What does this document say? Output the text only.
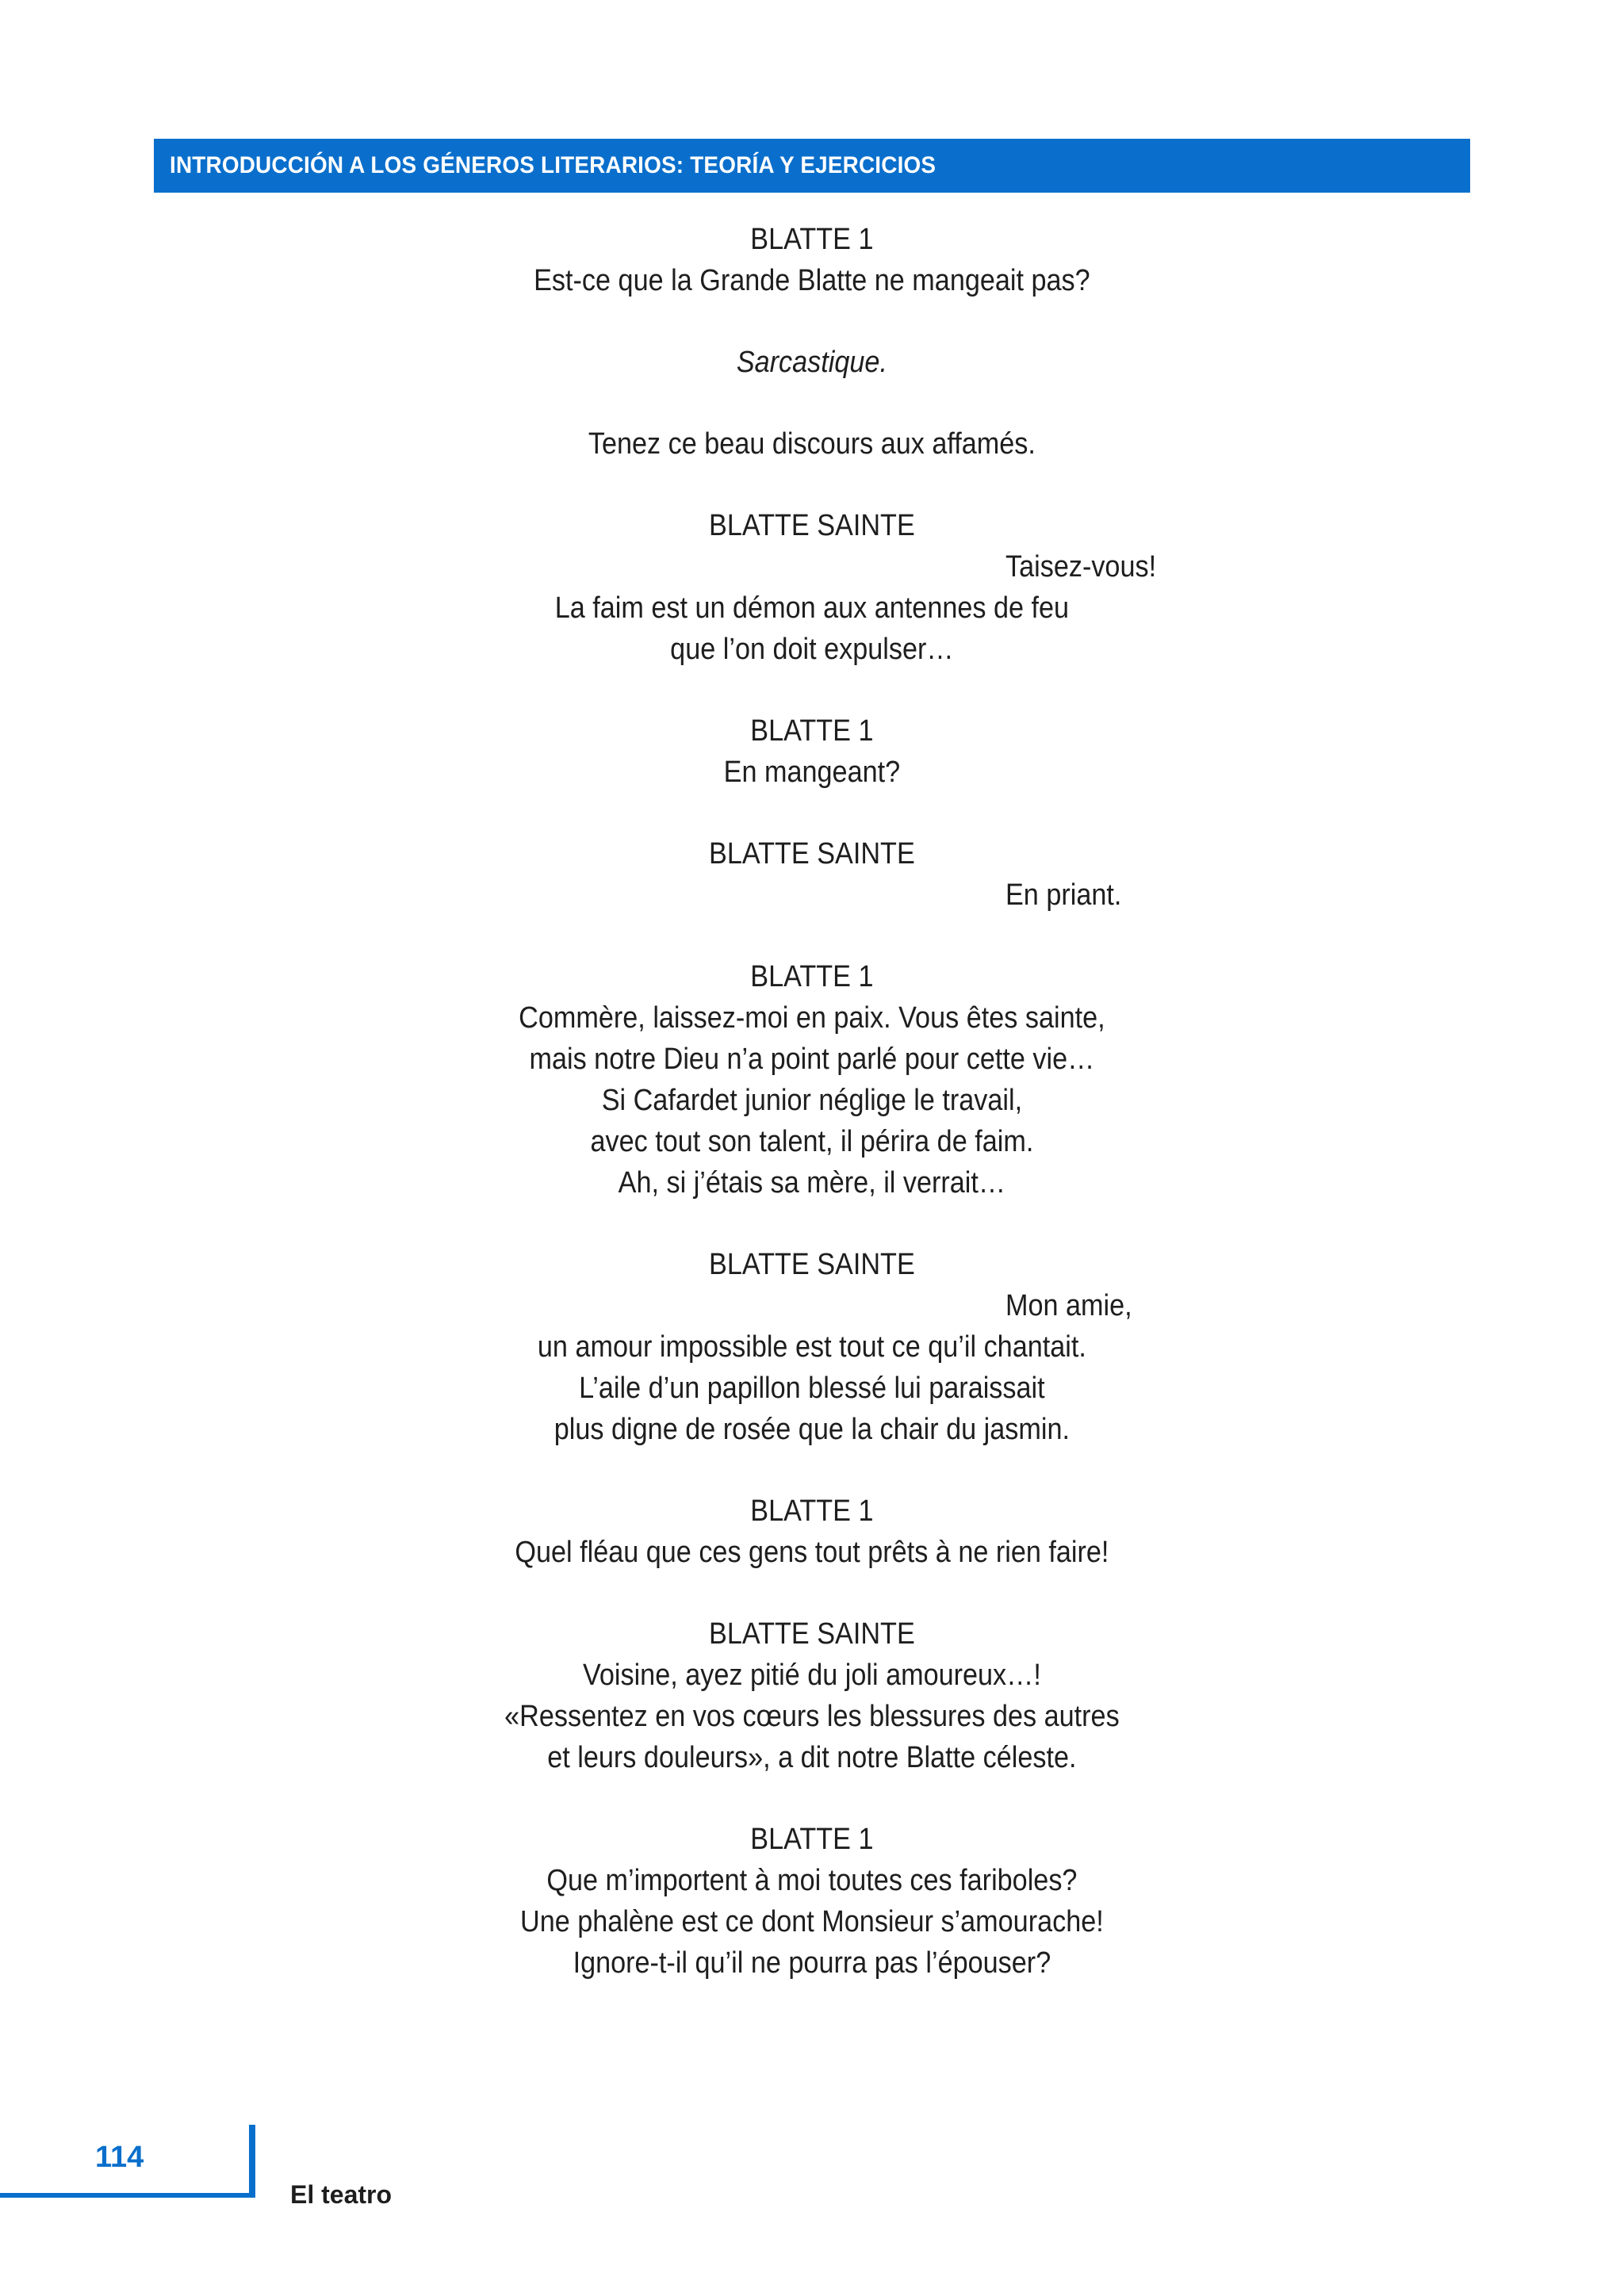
INTRODUCCIÓN A LOS GÉNEROS LITERARIOS: TEORÍA Y EJERCICIOS
BLATTE 1
Est-ce que la Grande Blatte ne mangeait pas?
Sarcastique.
Tenez ce beau discours aux affamés.
BLATTE SAINTE
Taisez-vous!
La faim est un démon aux antennes de feu
que l’on doit expulser…
BLATTE 1
En mangeant?
BLATTE SAINTE
En priant.
BLATTE 1
Commère, laissez-moi en paix. Vous êtes sainte,
mais notre Dieu n’a point parlé pour cette vie…
Si Cafardet junior néglige le travail,
avec tout son talent, il périra de faim.
Ah, si j’étais sa mère, il verrait…
BLATTE SAINTE
Mon amie,
un amour impossible est tout ce qu’il chantait.
L’aile d’un papillon blessé lui paraissait
plus digne de rosée que la chair du jasmin.
BLATTE 1
Quel fléau que ces gens tout prêts à ne rien faire!
BLATTE SAINTE
Voisine, ayez pitié du joli amoureux…!
«Ressentez en vos cœurs les blessures des autres
et leurs douleurs», a dit notre Blatte céleste.
BLATTE 1
Que m’importent à moi toutes ces fariboles?
Une phalène est ce dont Monsieur s’amourache!
Ignore-t-il qu’il ne pourra pas l’épouser?
114
El teatro
